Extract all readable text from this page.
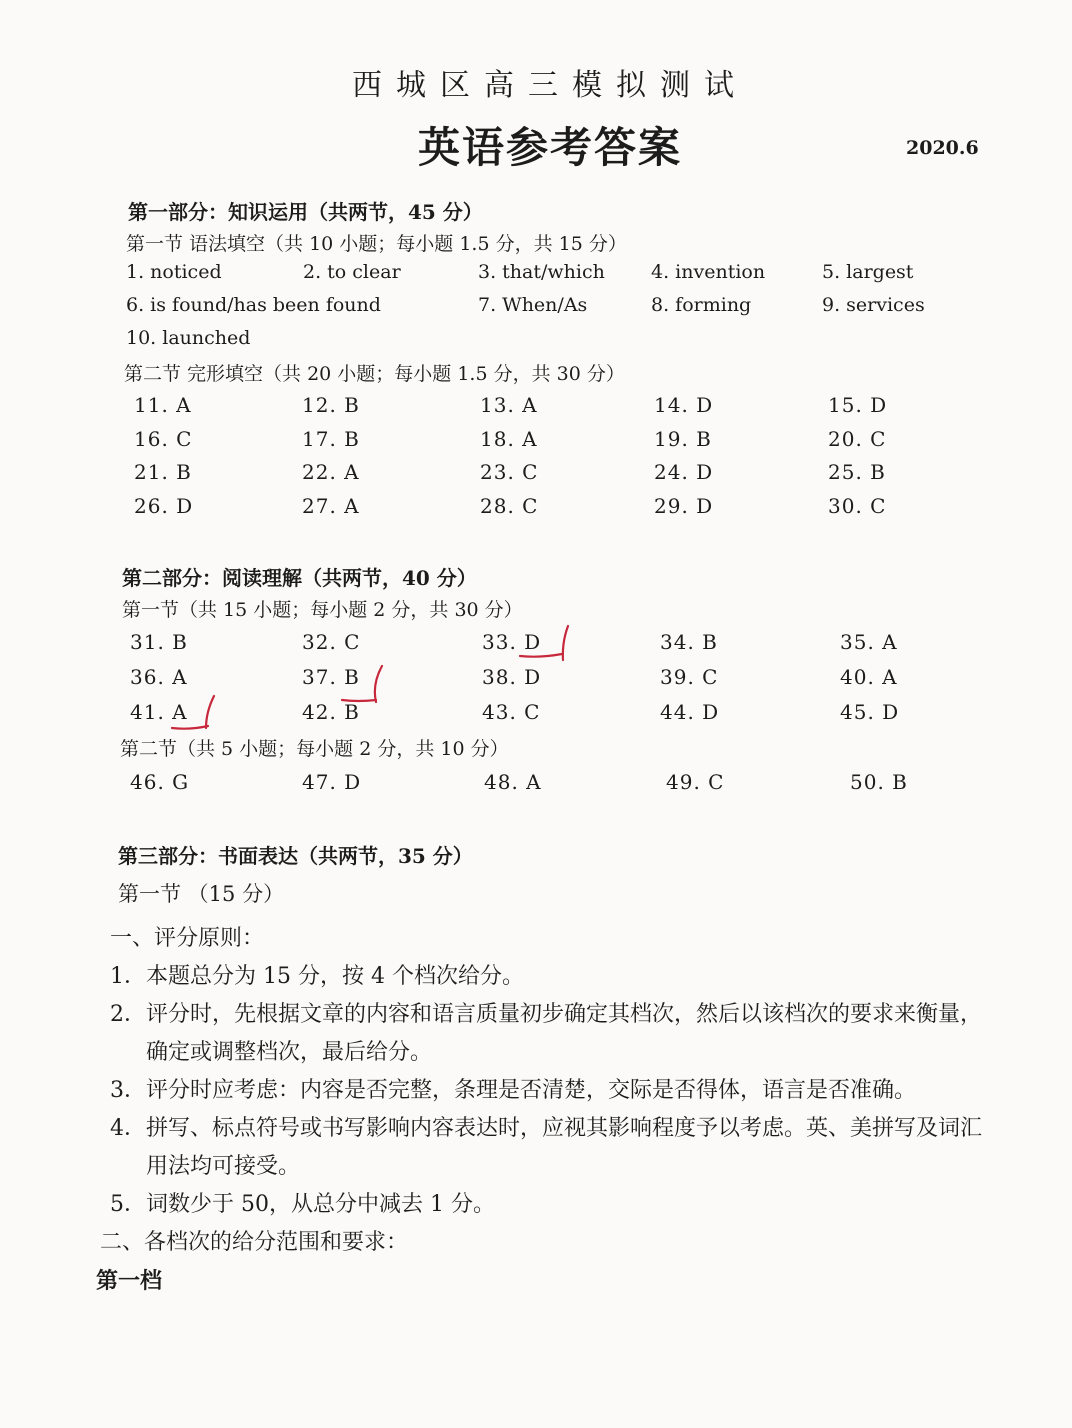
西城区高三模拟测试
英语参考答案	2020.6
第一部分：知识运用（共两节，45 分）
第一节 语法填空（共 10 小题；每小题 1.5 分，共 15 分）
1. noticed	2. to clear	3. that/which 4. invention	5. largest
6. is found/has been found	7. When/As	8. forming	9. services
10. launched
第二节 完形填空（共 20 小题；每小题 1.5 分，共 30 分）
11. A	12. B	13. A	14. D	15. D
16. C	17. B	18. A	19. B	20. C
21. B	22. A	23. C	24. D	25. B
26. D	27. A	28. C	29. D	30. C
第二部分：阅读理解（共两节，40 分）
第一节（共 15 小题；每小题 2 分，共 30 分）
31. B	32. C	33. D	34. B	35. A
36. A	37. B	38. D	39. C	40. A
41. A	42. B	43. C	44. D	45. D
第二节（共 5 小题；每小题 2 分，共 10 分）
46. G	47. D	48. A	49. C	50. B
第三部分：书面表达（共两节，35 分）
第一节 （15 分）
一、评分原则：
1．本题总分为 15 分，按 4 个档次给分。
2．评分时，先根据文章的内容和语言质量初步确定其档次，然后以该档次的要求来衡量，
确定或调整档次，最后给分。
3．评分时应考虑：内容是否完整，条理是否清楚，交际是否得体，语言是否准确。
4．拼写、标点符号或书写影响内容表达时，应视其影响程度予以考虑。英、美拼写及词汇
用法均可接受。
5．词数少于 50，从总分中减去 1 分。
二、各档次的给分范围和要求：
第一档
